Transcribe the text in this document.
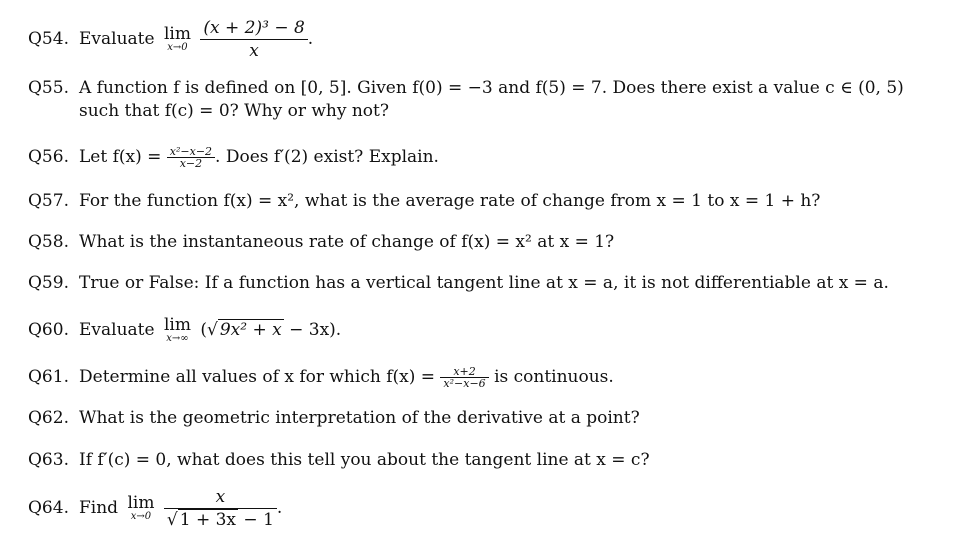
Q54. Evaluate lim
x→0
$\frac{\text{(x + 2)³ − 8}}{x}$ .
Q55. A function f is defined on [0, 5]. Given f(0) = −3 and f(5) = 7. Does there exist a value c ∈ (0, 5)
such that f(c) = 0? Why or why not?
Q56. Let $f(x) = \frac{\text{x²−x−2}}{x-2}$ . Does f′(2) exist? Explain.
Q57. For the function f(x) = x², what is the average rate of change from x = 1 to x = 1 + h?
Q58. What is the instantaneous rate of change of f(x) = x² at x = 1?
Q59. True or False: If a function has a vertical tangent line at x = a, it is not differentiable at x = a.
Q60. Evaluate lim
x→∞ (√ 9x² + x − 3x).
Q61. Determine all values of x for which $f(x) = \frac{x+2}{\text{x²−x−6}}$ is continuous.
Q62. What is the geometric interpretation of the derivative at a point?
Q63. If f′(c) = 0, what does this tell you about the tangent line at x = c?
Q64. Find lim
x→0
$\frac{x}{√ 1 + 3x - 1}$ .
